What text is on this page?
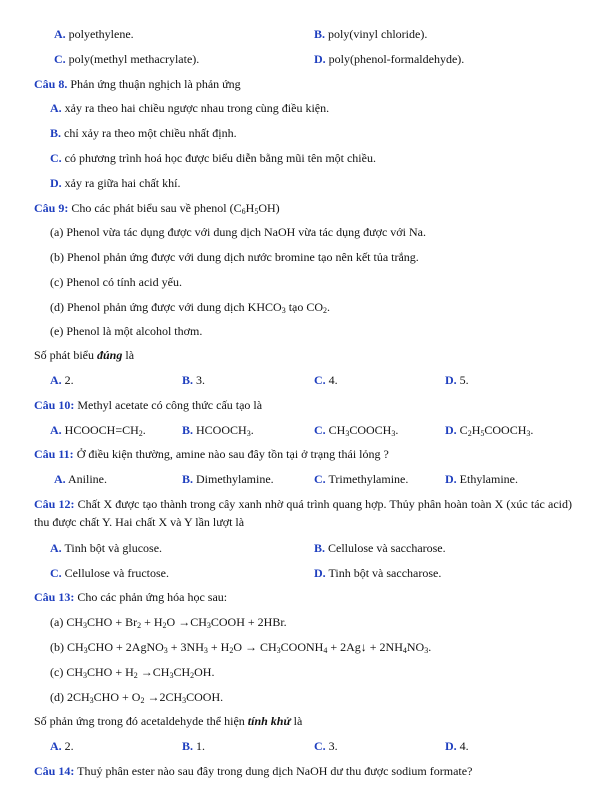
A. polyethylene.	B. poly(vinyl chloride).
C. poly(methyl methacrylate).	D. poly(phenol-formaldehyde).
Câu 8. Phản ứng thuận nghịch là phản ứng
A. xảy ra theo hai chiều ngược nhau trong cùng điều kiện.
B. chỉ xảy ra theo một chiều nhất định.
C. có phương trình hoá học được biểu diễn bằng mũi tên một chiều.
D. xảy ra giữa hai chất khí.
Câu 9: Cho các phát biểu sau về phenol $(C_6H_5OH)$
(a) Phenol vừa tác dụng được với dung dịch NaOH vừa tác dụng được với Na.
(b) Phenol phản ứng được với dung dịch nước bromine tạo nên kết tủa trắng.
(c) Phenol có tính acid yếu.
(d) Phenol phản ứng được với dung dịch $KHCO_3$ tạo $CO_2$.
(e) Phenol là một alcohol thơm.
Số phát biểu đúng là
A. 2.	B. 3.	C. 4.	D. 5.
Câu 10: Methyl acetate có công thức cấu tạo là
A. $HCOOCH=CH_2$.	B. $HCOOCH_3$.	C. $CH_3COOCH_3$.	D. $C_2H_5COOCH_3$.
Câu 11: Ở điều kiện thường, amine nào sau đây tồn tại ở trạng thái lỏng ?
A. Aniline.	B. Dimethylamine.	C. Trimethylamine.	D. Ethylamine.
Câu 12: Chất X được tạo thành trong cây xanh nhờ quá trình quang hợp. Thủy phân hoàn toàn X (xúc tác acid) thu được chất Y. Hai chất X và Y lần lượt là
A. Tinh bột và glucose.	B. Cellulose và saccharose.
C. Cellulose và fructose.	D. Tinh bột và saccharose.
Câu 13: Cho các phản ứng hóa học sau:
(a) $CH_3CHO + Br_2 + H_2O$ $\to CH_3COOH + 2HBr$.
(b) $CH_3CHO$ + 2AgNO$_3$ + $3NH_3 + H_2O$ → $CH_3COONH_4$ + 2Ag↓ + $2NH_4NO_3$.
(c) $CH_3CHO + H_2 \to CH_3CH_2OH$.
(d) $2CH_3CHO + O_2$ $\to 2CH_3COOH$.
Số phản ứng trong đó acetaldehyde thể hiện tính khử là
A. 2.	B. 1.	C. 3.	D. 4.
Câu 14: Thuỷ phân ester nào sau đây trong dung dịch NaOH dư thu được sodium formate?
